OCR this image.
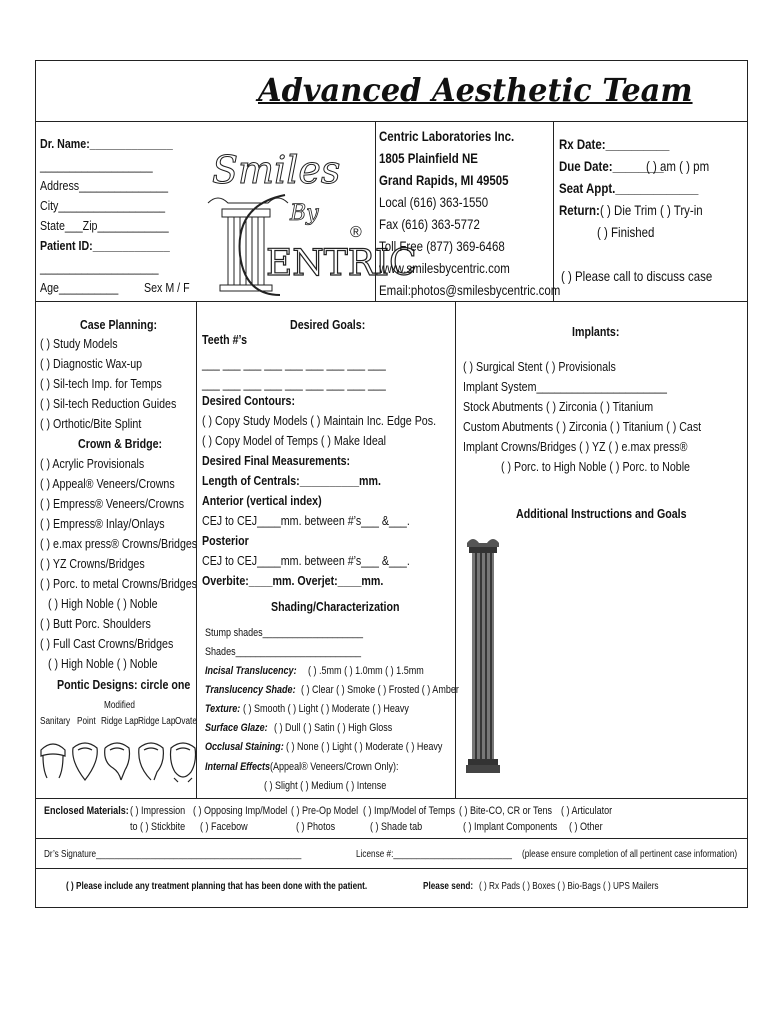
Advanced Aesthetic Team
Dr. Name:______________
___________________
Address_______________
City__________________
State___Zip____________
Patient ID:_____________
____________________
Age__________ Sex M / F
Smiles
By
ENTRIC
®
Centric Laboratories Inc.
1805 Plainfield NE
Grand Rapids, MI 49505
Local (616) 363-1550
Fax (616) 363-5772
Toll Free (877) 369-6468
www.smilesbycentric.com
Email:photos@smilesbycentric.com
Rx Date:__________
Due Date:________
( ) am ( ) pm
Seat Appt._____________
Return: ( ) Die Trim ( ) Try-in
( ) Finished
( ) Please call to discuss case
Case Planning:
( ) Study Models
( ) Diagnostic Wax-up
( ) Sil-tech Imp. for Temps
( ) Sil-tech Reduction Guides
( ) Orthotic/Bite Splint
Crown & Bridge:
( ) Acrylic Provisionals
( ) Appeal® Veneers/Crowns
( ) Empress® Veneers/Crowns
( ) Empress® Inlay/Onlays
( ) e.max press® Crowns/Bridges
( ) YZ Crowns/Bridges
( ) Porc. to metal Crowns/Bridges
( ) High Noble ( ) Noble
( ) Butt Porc. Shoulders
( ) Full Cast Crowns/Bridges
( ) High Noble ( ) Noble
Pontic Designs: circle one
Modified
Sanitary Point Ridge Lap Ridge Lap Ovate
Desired Goals:
Teeth #’s
___ ___ ___ ___ ___ ___ ___ ___ ___
___ ___ ___ ___ ___ ___ ___ ___ ___
Desired Contours:
( ) Copy Study Models ( ) Maintain Inc. Edge Pos.
( ) Copy Model of Temps ( ) Make Ideal
Desired Final Measurements:
Length of Centrals:__________mm.
Anterior (vertical index)
CEJ to CEJ____mm. between #’s___ &___.
Posterior
CEJ to CEJ____mm. between #’s___ &___.
Overbite:____mm. Overjet:____mm.
Shading/Characterization
Stump shades____________________
Shades_________________________
Incisal Translucency: ( ) .5mm ( ) 1.0mm ( ) 1.5mm
Translucency Shade: ( ) Clear ( ) Smoke ( ) Frosted ( ) Amber
Texture: ( ) Smooth ( ) Light ( ) Moderate ( ) Heavy
Surface Glaze: ( ) Dull ( ) Satin ( ) High Gloss
Occlusal Staining: ( ) None ( ) Light ( ) Moderate ( ) Heavy
Internal Effects (Appeal® Veneers/Crown Only):
( ) Slight ( ) Medium ( ) Intense
Implants:
( ) Surgical Stent ( ) Provisionals
Implant System______________________
Stock Abutments ( ) Zirconia ( ) Titanium
Custom Abutments ( ) Zirconia ( ) Titanium ( ) Cast
Implant Crowns/Bridges ( ) YZ ( ) e.max press®
( ) Porc. to High Noble ( ) Porc. to Noble
Additional Instructions and Goals
Enclosed Materials: ( ) Impression ( ) Opposing Imp/Model ( ) Pre-Op Model ( ) Imp/Model of Temps ( ) Bite-CO, CR or Tens ( ) Articulator
to ( ) Stickbite ( ) Facebow	( ) Photos	( ) Shade tab	( ) Implant Components ( ) Other
Dr’s Signature_____________________________________________	License #:__________________________ (please ensure completion of all pertinent case information)
( ) Please include any treatment planning that has been done with the patient.	Please send: ( ) Rx Pads ( ) Boxes ( ) Bio-Bags ( ) UPS Mailers
